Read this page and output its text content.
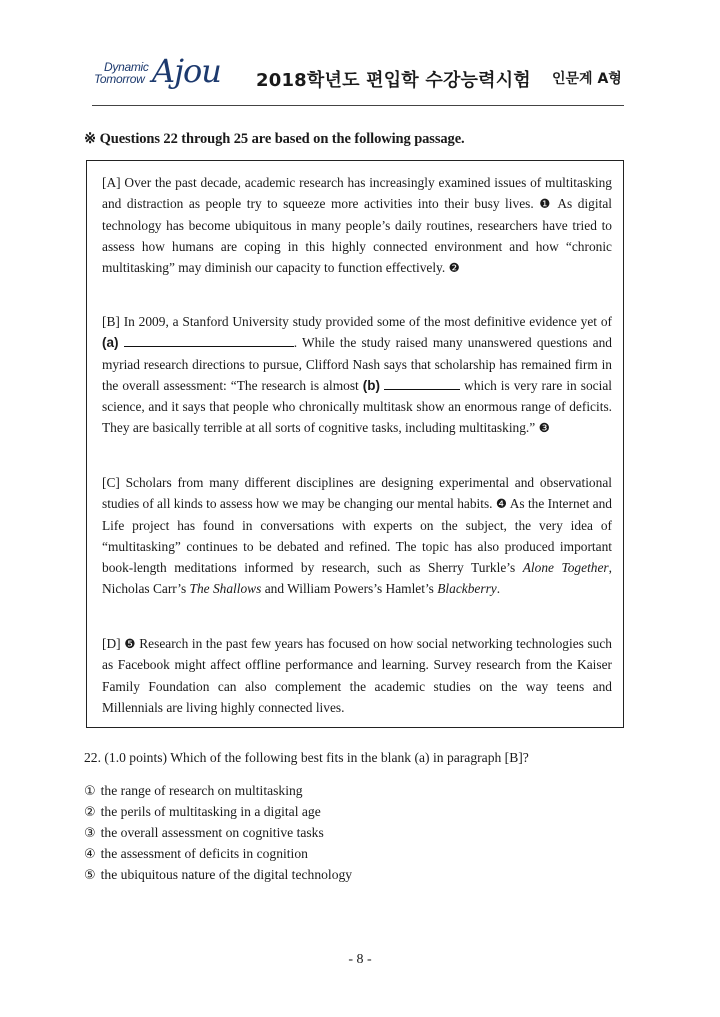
Dynamic
Tomorrow Ajou 2018학년도 편입학 수강능력시험 인문계 A형
※ Questions 22 through 25 are based on the following passage.
[A] Over the past decade, academic research has increasingly examined issues of multitasking and distraction as people try to squeeze more activities into their busy lives. ❶ As digital technology has become ubiquitous in many people’s daily routines, researchers have tried to assess how humans are coping in this highly connected environment and how “chronic multitasking” may diminish our capacity to function effectively. ❷
[B] In 2009, a Stanford University study provided some of the most definitive evidence yet of (a)	. While the study raised many unanswered questions and myriad research directions to pursue, Clifford Nash says that scholarship has remained firm in the overall assessment: “The research is almost (b)	which is very rare in social science, and it says that people who chronically multitask show an enormous range of deficits. They are basically terrible at all sorts of cognitive tasks, including multitasking.” ❸
[C] Scholars from many different disciplines are designing experimental and observational studies of all kinds to assess how we may be changing our mental habits. ❹ As the Internet and Life project has found in conversations with experts on the subject, the very idea of “multitasking” continues to be debated and refined. The topic has also produced important book-length meditations informed by research, such as Sherry Turkle’s Alone Together, Nicholas Carr’s The Shallows and William Powers’s Hamlet’s Blackberry.
[D] ❺ Research in the past few years has focused on how social networking technologies such as Facebook might affect offline performance and learning. Survey research from the Kaiser Family Foundation can also complement the academic studies on the way teens and Millennials are living highly connected lives.
22. (1.0 points) Which of the following best fits in the blank (a) in paragraph [B]?
① the range of research on multitasking
② the perils of multitasking in a digital age
③ the overall assessment on cognitive tasks
④ the assessment of deficits in cognition
⑤ the ubiquitous nature of the digital technology
- 8 -
